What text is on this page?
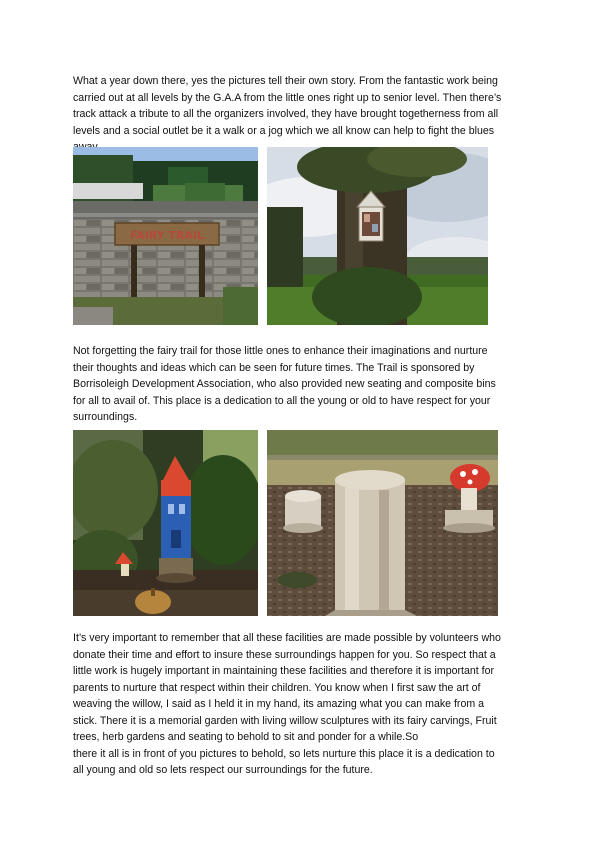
What a year down there, yes the pictures tell their own story. From the fantastic work being
carried out at all levels by the G.A.A from the little ones right up to senior level. Then there’s
track attack a tribute to all the organizers involved, they have brought togetherness from all
levels and a social outlet be it a walk or a jog which we all know can help to fight the blues
FAIRY TRAIL
Not forgetting the fairy trail for those little ones to enhance their imaginations and nurture
their thoughts and ideas which can be seen for future times. The Trail is sponsored by
Borrisoleigh Development Association, who also provided new seating and composite bins
for all to avail of. This place is a dedication to all the young or old to have respect for your
surroundings.
It’s very important to remember that all these facilities are made possible by volunteers who
donate their time and effort to insure these surroundings happen for you. So respect that a
little work is hugely important in maintaining these facilities and therefore it is important for
parents to nurture that respect within their children. You know when I first saw the art of
weaving the willow, I said as I held it in my hand, its amazing what you can make from a
stick. There it is a memorial garden with living willow sculptures with its fairy carvings, Fruit
trees, herb gardens and seating to behold to sit and ponder for a while.So
there it all is in front of you pictures to behold, so lets nurture this place it is a dedication to
all young and old so lets respect our surroundings for the future.
